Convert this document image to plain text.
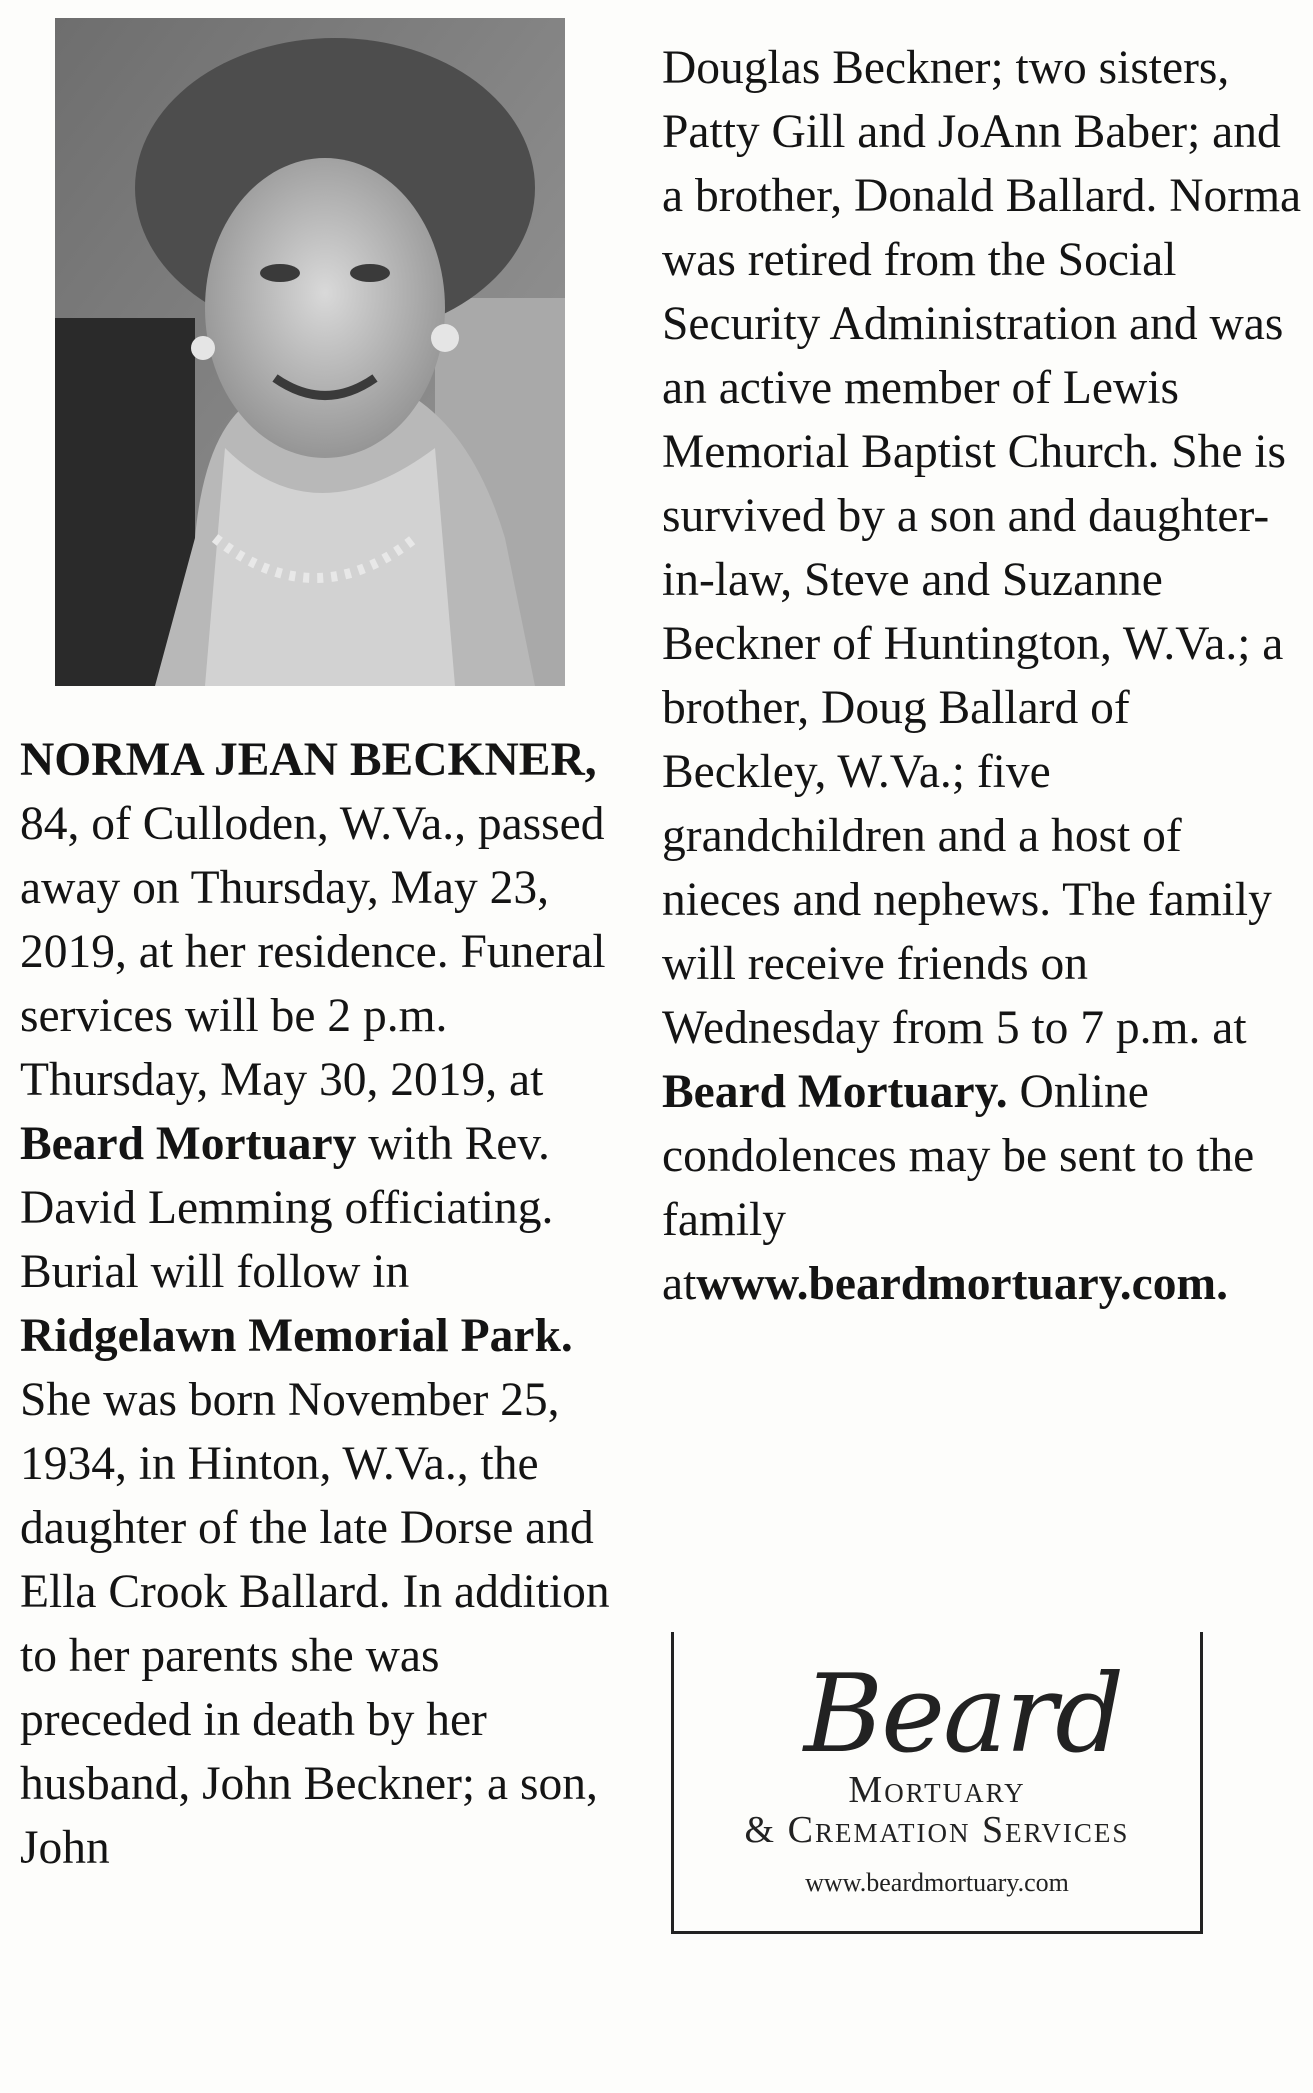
NORMA JEAN BECKNER, 84, of Culloden, W.Va., passed away on Thursday, May 23, 2019, at her residence. Funeral services will be 2 p.m. Thursday, May 30, 2019, at Beard Mortuary with Rev. David Lemming officiating. Burial will follow in Ridgelawn Memorial Park. She was born November 25, 1934, in Hinton, W.Va., the daughter of the late Dorse and Ella Crook Ballard. In addition to her parents she was preceded in death by her husband, John Beckner; a son, John

Douglas Beckner; two sisters, Patty Gill and JoAnn Baber; and a brother, Donald Ballard. Norma was retired from the Social Security Administration and was an active member of Lewis Memorial Baptist Church. She is survived by a son and daughter-in-law, Steve and Suzanne Beckner of Huntington, W.Va.; a brother, Doug Ballard of Beckley, W.Va.; five grandchildren and a host of nieces and nephews. The family will receive friends on Wednesday from 5 to 7 p.m. at Beard Mortuary. Online condolences may be sent to the family atwww.beardmortuary.com.

Beard
Mortuary
& Cremation Services
www.beardmortuary.com
